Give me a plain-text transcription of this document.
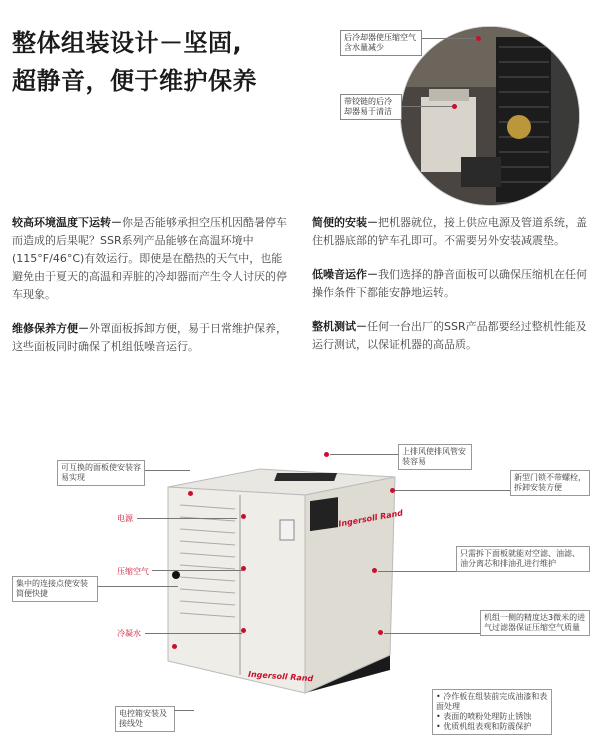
整体组装设计－坚固,
超静音，便于维护保养
后冷却器使压缩空气含水量减少
带铰链的后冷却器易于清洁

较高环境温度下运转－你是否能够承担空压机因酷暑停车而造成的后果呢？SSR系列产品能够在高温环境中(115°F/46°C)有效运行。即使是在酷热的天气中，也能避免由于夏天的高温和弄脏的冷却器而产生令人讨厌的停车现象。

维修保养方便－外罩面板拆卸方便，易于日常维护保养，这些面板同时确保了机组低噪音运行。

简便的安装－把机器就位，接上供应电源及管道系统，盖住机器底部的铲车孔即可。不需要另外安装减震垫。

低噪音运作－我们选择的静音面板可以确保压缩机在任何操作条件下都能安静地运转。

整机测试－任何一台出厂的SSR产品都要经过整机性能及运行测试，以保证机器的高品质。

Ingersoll Rand
Ingersoll Rand
可互换的面板使安装容易实现
电源
压缩空气
冷凝水
集中的连接点使安装简便快捷
电控箱安装及接线处
上排风使排风管安装容易
新型门锁不带螺栓，拆卸安装方便
只需拆下面板就能对空滤、油滤、油分离芯和排油孔进行维护
机组一侧的精度达3微米的进气过滤器保证压缩空气质量
• 冷作板在组装前完成油漆和表面处理
• 表面的喷粉处理防止锈蚀
• 优质机组表观和防震保护
